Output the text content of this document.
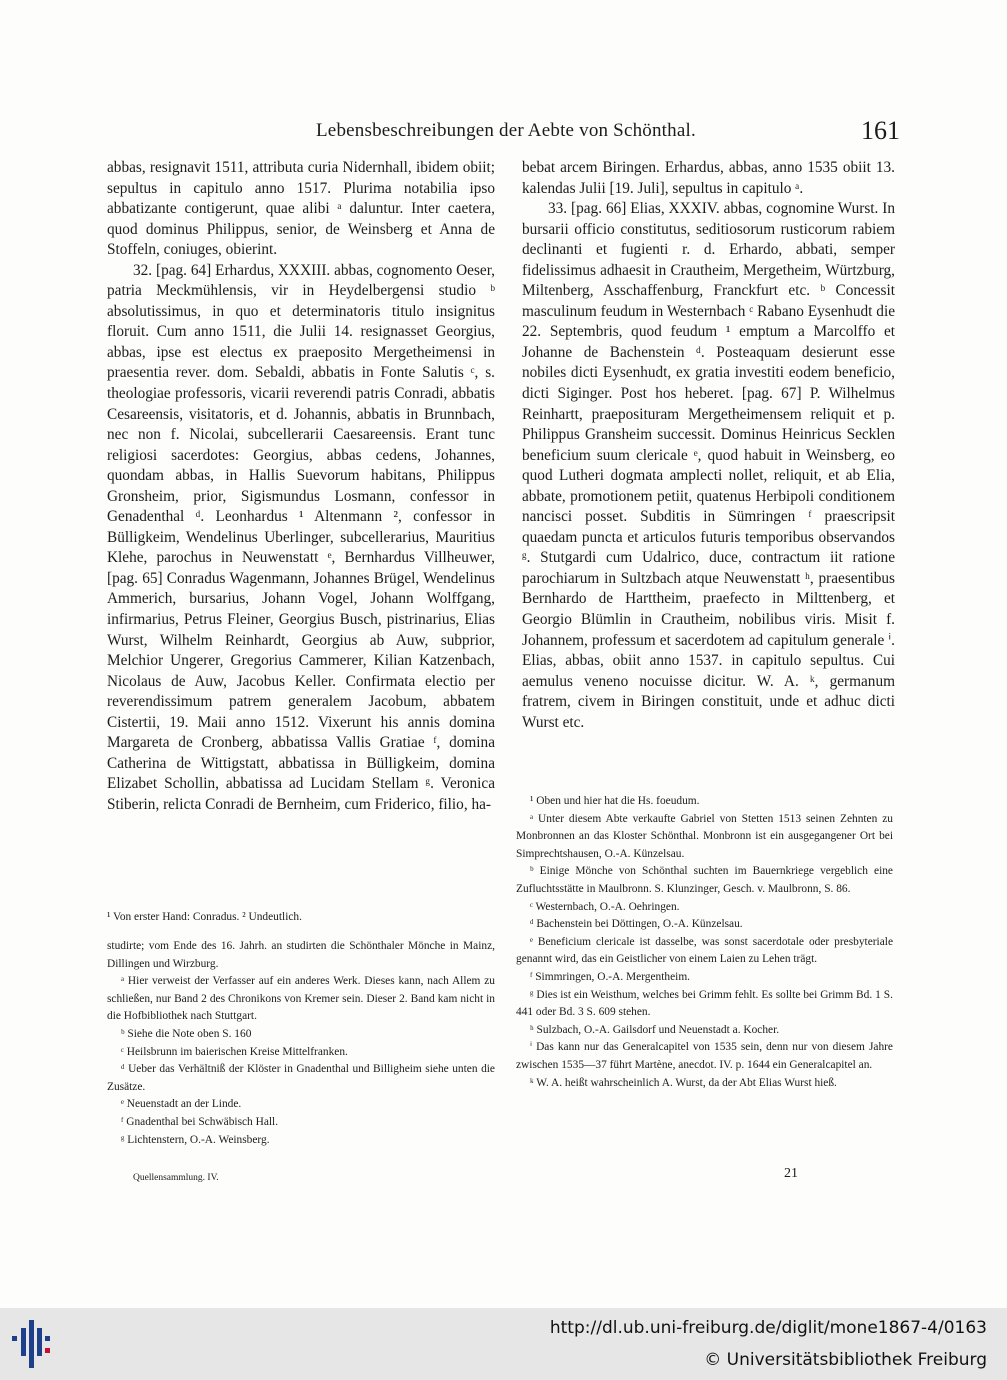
Lebensbeschreibungen der Aebte von Schönthal.	161

abbas, resignavit 1511, attributa curia Nidernhall, ibidem obiit; sepultus in capitulo anno 1517. Plurima notabilia ipso abbatizante contigerunt, quae alibi ᵃ daluntur. Inter caetera, quod dominus Philippus, senior, de Weinsberg et Anna de Stoffeln, coniuges, obierint.

32. [pag. 64] Erhardus, XXXIII. abbas, cognomento Oeser, patria Meckmühlensis, vir in Heydelbergensi studio ᵇ absolutissimus, in quo et determinatoris titulo insignitus floruit. Cum anno 1511, die Julii 14. resignasset Georgius, abbas, ipse est electus ex praeposito Mergetheimensi in praesentia rever. dom. Sebaldi, abbatis in Fonte Salutis ᶜ, s. theologiae professoris, vicarii reverendi patris Conradi, abbatis Cesareensis, visitatoris, et d. Johannis, abbatis in Brunnbach, nec non f. Nicolai, subcellerarii Caesareensis. Erant tunc religiosi sacerdotes: Georgius, abbas cedens, Johannes, quondam abbas, in Hallis Suevorum habitans, Philippus Gronsheim, prior, Sigismundus Losmann, confessor in Genadenthal ᵈ. Leonhardus ¹ Altenmann ², confessor in Bülligkeim, Wendelinus Uberlinger, subcellerarius, Mauritius Klehe, parochus in Neuwenstatt ᵉ, Bernhardus Villheuwer, [pag. 65] Conradus Wagenmann, Johannes Brügel, Wendelinus Ammerich, bursarius, Johann Vogel, Johann Wolffgang, infirmarius, Petrus Fleiner, Georgius Busch, pistrinarius, Elias Wurst, Wilhelm Reinhardt, Georgius ab Auw, subprior, Melchior Ungerer, Gregorius Cammerer, Kilian Katzenbach, Nicolaus de Auw, Jacobus Keller. Confirmata electio per reverendissimum patrem generalem Jacobum, abbatem Cistertii, 19. Maii anno 1512. Vixerunt his annis domina Margareta de Cronberg, abbatissa Vallis Gratiae ᶠ, domina Catherina de Wittigstatt, abbatissa in Bülligkeim, domina Elizabet Schollin, abbatissa ad Lucidam Stellam ᵍ. Veronica Stiberin, relicta Conradi de Bernheim, cum Friderico, filio, ha-

bebat arcem Biringen. Erhardus, abbas, anno 1535 obiit 13. kalendas Julii [19. Juli], sepultus in capitulo ᵃ.

33. [pag. 66] Elias, XXXIV. abbas, cognomine Wurst. In bursarii officio constitutus, seditiosorum rusticorum rabiem declinanti et fugienti r. d. Erhardo, abbati, semper fidelissimus adhaesit in Crautheim, Mergetheim, Würtzburg, Miltenberg, Asschaffenburg, Franckfurt etc. ᵇ Concessit masculinum feudum in Westernbach ᶜ Rabano Eysenhudt die 22. Septembris, quod feudum ¹ emptum a Marcolffo et Johanne de Bachenstein ᵈ. Posteaquam desierunt esse nobiles dicti Eysenhudt, ex gratia investiti eodem beneficio, dicti Siginger. Post hos heberet. [pag. 67] P. Wilhelmus Reinhartt, praeposituram Mergetheimensem reliquit et p. Philippus Gransheim successit. Dominus Heinricus Secklen beneficium suum clericale ᵉ, quod habuit in Weinsberg, eo quod Lutheri dogmata amplecti nollet, reliquit, et ab Elia, abbate, promotionem petiit, quatenus Herbipoli conditionem nancisci posset. Subditis in Sümringen ᶠ praescripsit quaedam puncta et articulos futuris temporibus observandos ᵍ. Stutgardi cum Udalrico, duce, contractum iit ratione parochiarum in Sultzbach atque Neuwenstatt ʰ, praesentibus Bernhardo de Harttheim, praefecto in Milttenberg, et Georgio Blümlin in Crautheim, nobilibus viris. Misit f. Johannem, professum et sacerdotem ad capitulum generale ⁱ. Elias, abbas, obiit anno 1537. in capitulo sepultus. Cui aemulus veneno nocuisse dicitur. W. A. ᵏ, germanum fratrem, civem in Biringen constituit, unde et adhuc dicti Wurst etc.

¹ Von erster Hand: Conradus. ² Undeutlich.

studirte; vom Ende des 16. Jahrh. an studirten die Schönthaler Mönche in Mainz, Dillingen und Wirzburg.

ᵃ Hier verweist der Verfasser auf ein anderes Werk. Dieses kann, nach Allem zu schließen, nur Band 2 des Chronikons von Kremer sein. Dieser 2. Band kam nicht in die Hofbibliothek nach Stuttgart.

ᵇ Siehe die Note oben S. 160

ᶜ Heilsbrunn im baierischen Kreise Mittelfranken.

ᵈ Ueber das Verhältniß der Klöster in Gnadenthal und Billigheim siehe unten die Zusätze.

ᵉ Neuenstadt an der Linde.

ᶠ Gnadenthal bei Schwäbisch Hall.

ᵍ Lichtenstern, O.-A. Weinsberg.

¹ Oben und hier hat die Hs. foeudum.

ᵃ Unter diesem Abte verkaufte Gabriel von Stetten 1513 seinen Zehnten zu Monbronnen an das Kloster Schönthal. Monbronn ist ein ausgegangener Ort bei Simprechtshausen, O.-A. Künzelsau.

ᵇ Einige Mönche von Schönthal suchten im Bauernkriege vergeblich eine Zufluchtsstätte in Maulbronn. S. Klunzinger, Gesch. v. Maulbronn, S. 86.

ᶜ Westernbach, O.-A. Oehringen.

ᵈ Bachenstein bei Döttingen, O.-A. Künzelsau.

ᵉ Beneficium clericale ist dasselbe, was sonst sacerdotale oder presbyteriale genannt wird, das ein Geistlicher von einem Laien zu Lehen trägt.

ᶠ Simmringen, O.-A. Mergentheim.

ᵍ Dies ist ein Weisthum, welches bei Grimm fehlt. Es sollte bei Grimm Bd. 1 S. 441 oder Bd. 3 S. 609 stehen.

ʰ Sulzbach, O.-A. Gailsdorf und Neuenstadt a. Kocher.

ⁱ Das kann nur das Generalcapitel von 1535 sein, denn nur von diesem Jahre zwischen 1535—37 führt Martène, anecdot. IV. p. 1644 ein Generalcapitel an.

ᵏ W. A. heißt wahrscheinlich A. Wurst, da der Abt Elias Wurst hieß.

Quellensammlung. IV.	21
http://dl.ub.uni-freiburg.de/diglit/mone1867-4/0163
© Universitätsbibliothek Freiburg
